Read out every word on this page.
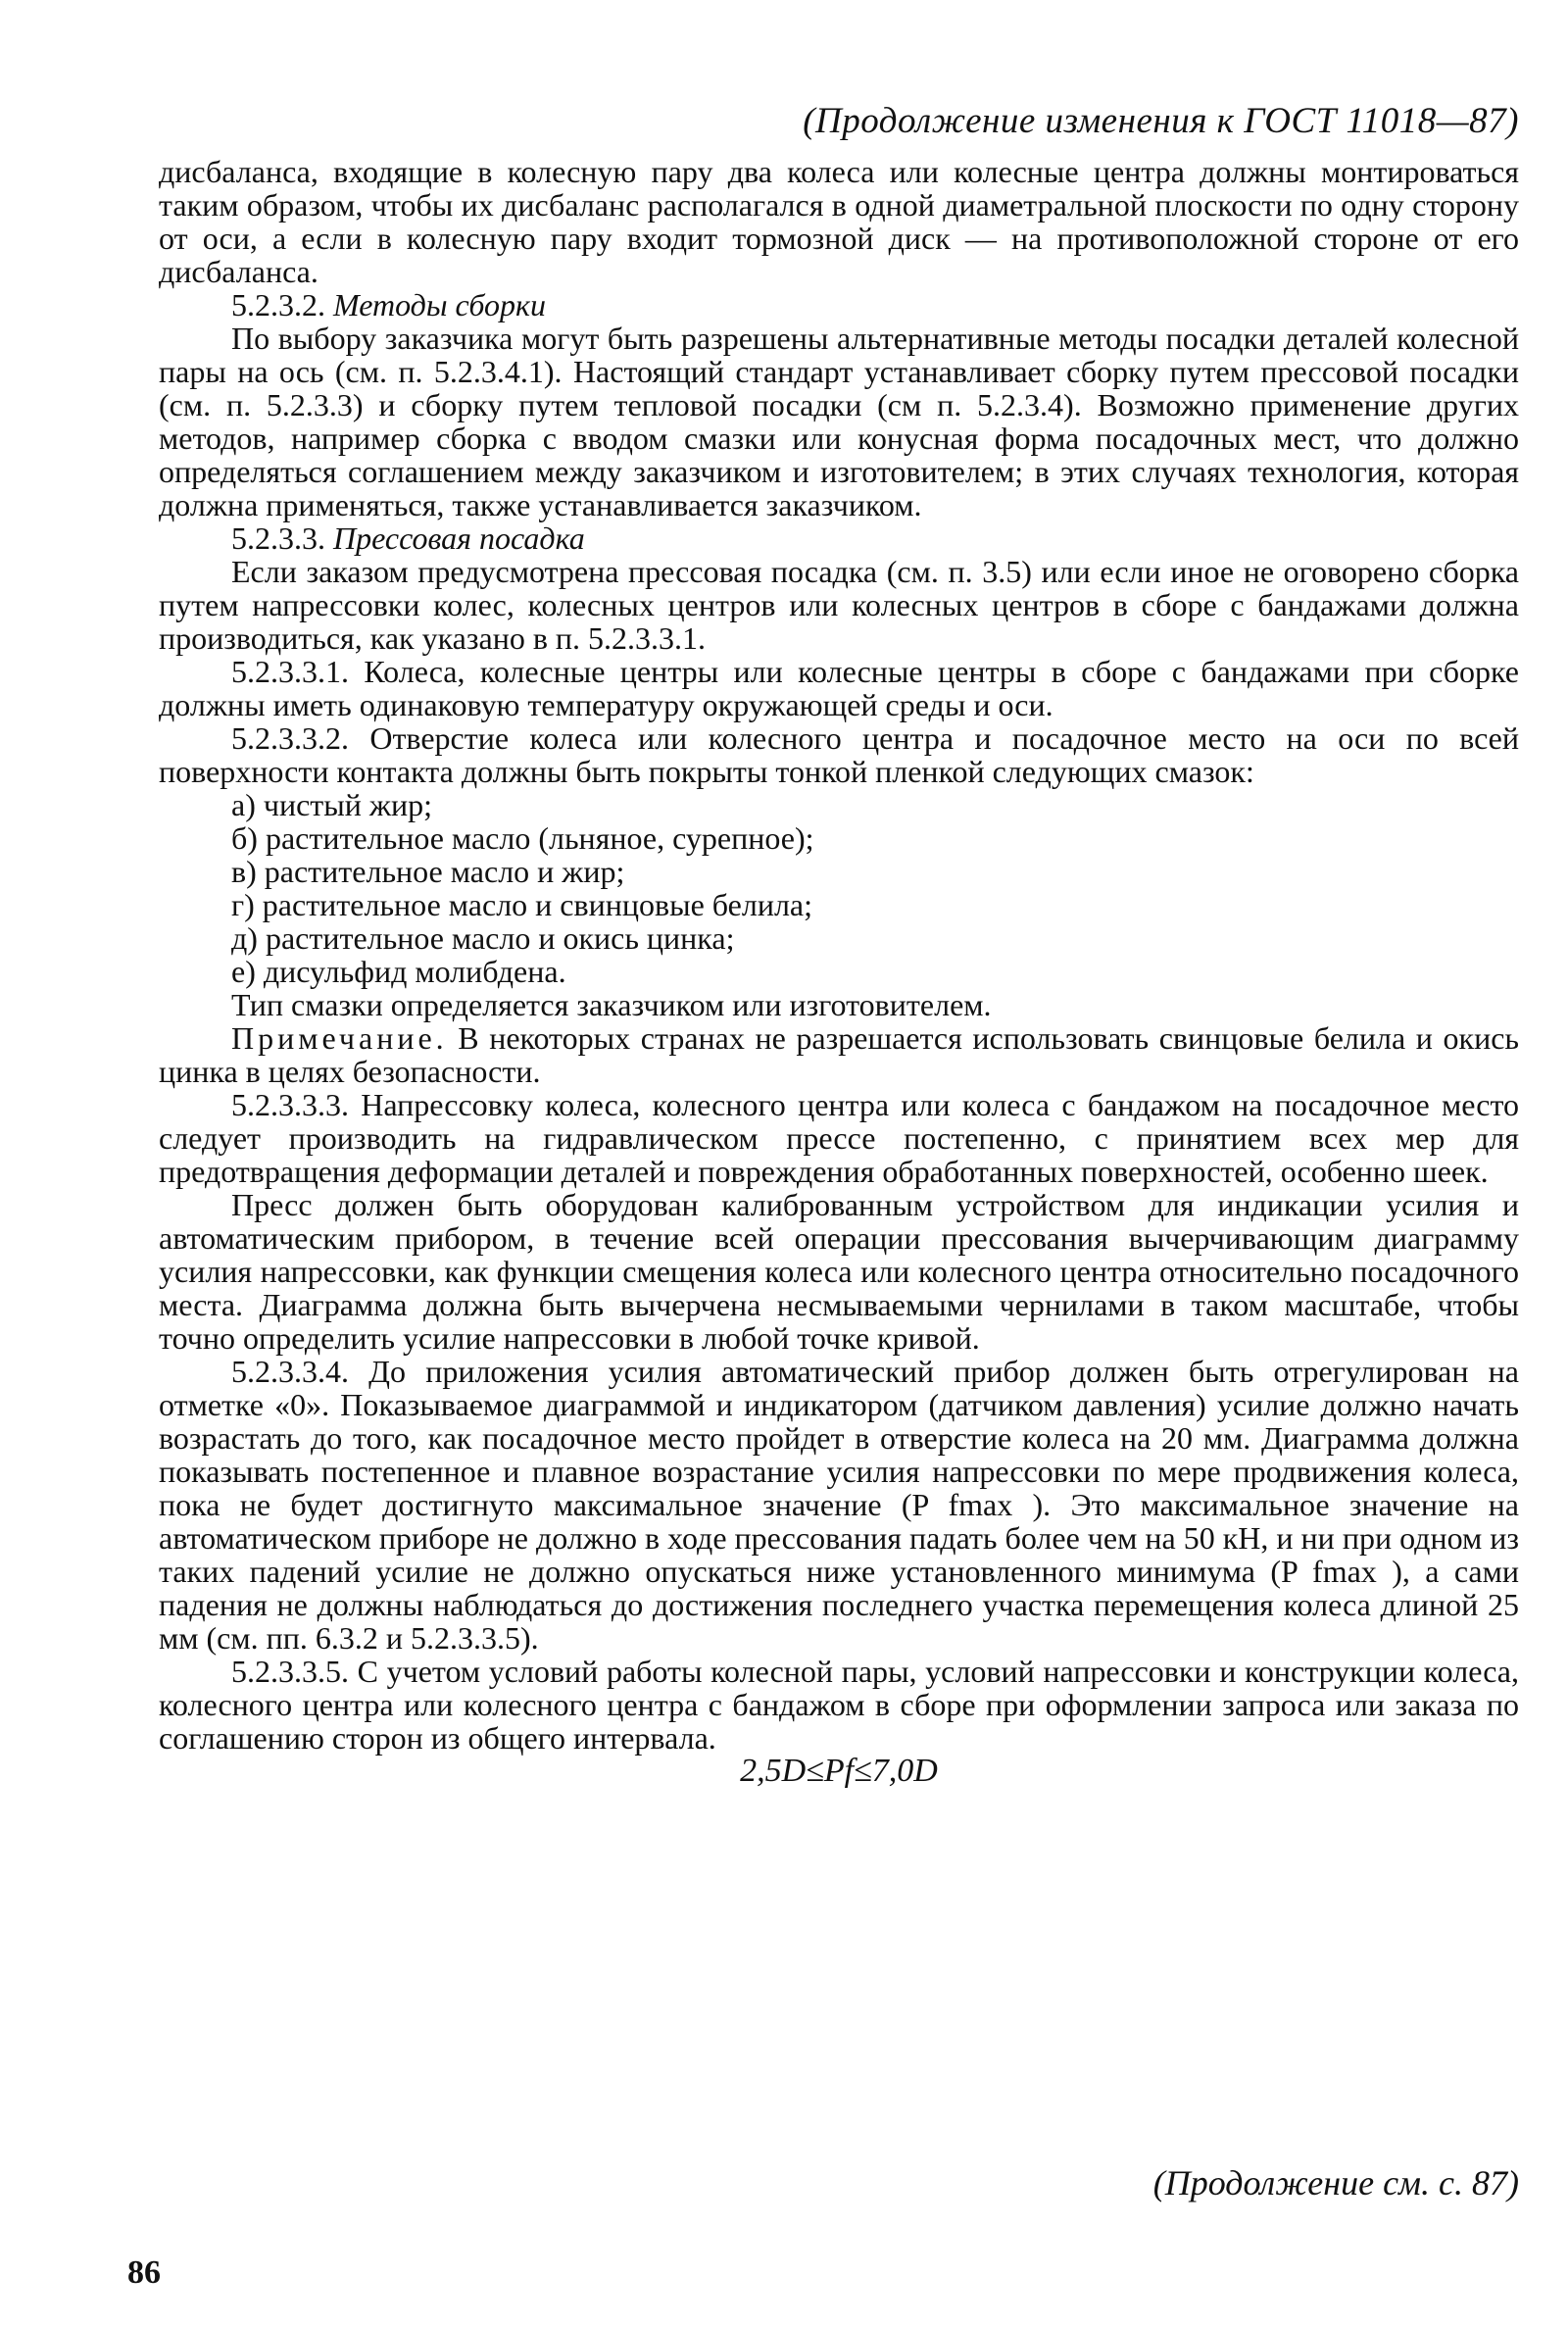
(Продолжение изменения к ГОСТ 11018—87)

дисбаланса, входящие в колесную пару два колеса или колесные центра должны монтироваться таким образом, чтобы их дисбаланс располагался в одной диаметральной плоскости по одну сторону от оси, а если в колесную пару входит тормозной диск — на противоположной стороне от его дисбаланса.

5.2.3.2. Методы сборки

По выбору заказчика могут быть разрешены альтернативные методы посадки деталей колесной пары на ось (см. п. 5.2.3.4.1). Настоящий стандарт устанавливает сборку путем прессовой посадки (см. п. 5.2.3.3) и сборку путем тепловой посадки (см п. 5.2.3.4). Возможно применение других методов, например сборка с вводом смазки или конусная форма посадочных мест, что должно определяться соглашением между заказчиком и изготовителем; в этих случаях технология, которая должна применяться, также устанавливается заказчиком.

5.2.3.3. Прессовая посадка

Если заказом предусмотрена прессовая посадка (см. п. 3.5) или если иное не оговорено сборка путем напрессовки колес, колесных центров или колесных центров в сборе с бандажами должна производиться, как указано в п. 5.2.3.3.1.

5.2.3.3.1. Колеса, колесные центры или колесные центры в сборе с бандажами при сборке должны иметь одинаковую температуру окружающей среды и оси.

5.2.3.3.2. Отверстие колеса или колесного центра и посадочное место на оси по всей поверхности контакта должны быть покрыты тонкой пленкой следующих смазок:

а) чистый жир;
б) растительное масло (льняное, сурепное);
в) растительное масло и жир;
г) растительное масло и свинцовые белила;
д) растительное масло и окись цинка;
е) дисульфид молибдена.

Тип смазки определяется заказчиком или изготовителем.

Примечание. В некоторых странах не разрешается использовать свинцовые белила и окись цинка в целях безопасности.

5.2.3.3.3. Напрессовку колеса, колесного центра или колеса с бандажом на посадочное место следует производить на гидравлическом прессе постепенно, с принятием всех мер для предотвращения деформации деталей и повреждения обработанных поверхностей, особенно шеек.

Пресс должен быть оборудован калиброванным устройством для индикации усилия и автоматическим прибором, в течение всей операции прессования вычерчивающим диаграмму усилия напрессовки, как функции смещения колеса или колесного центра относительно посадочного места. Диаграмма должна быть вычерчена несмываемыми чернилами в таком масштабе, чтобы точно определить усилие напрессовки в любой точке кривой.

5.2.3.3.4. До приложения усилия автоматический прибор должен быть отрегулирован на отметке «0». Показываемое диаграммой и индикатором (датчиком давления) усилие должно начать возрастать до того, как посадочное место пройдет в отверстие колеса на 20 мм. Диаграмма должна показывать постепенное и плавное возрастание усилия напрессовки по мере продвижения колеса, пока не будет достигнуто максимальное значение (P fmax ). Это максимальное значение на автоматическом приборе не должно в ходе прессования падать более чем на 50 кН, и ни при одном из таких падений усилие не должно опускаться ниже установленного минимума (P fmax ), а сами падения не должны наблюдаться до достижения последнего участка перемещения колеса длиной 25 мм (см. пп. 6.3.2 и 5.2.3.3.5).

5.2.3.3.5. С учетом условий работы колесной пары, условий напрессовки и конструкции колеса, колесного центра или колесного центра с бандажом в сборе при оформлении запроса или заказа по соглашению сторон из общего интервала.

2,5D≤Pf≤7,0D

(Продолжение см. с. 87)
86
